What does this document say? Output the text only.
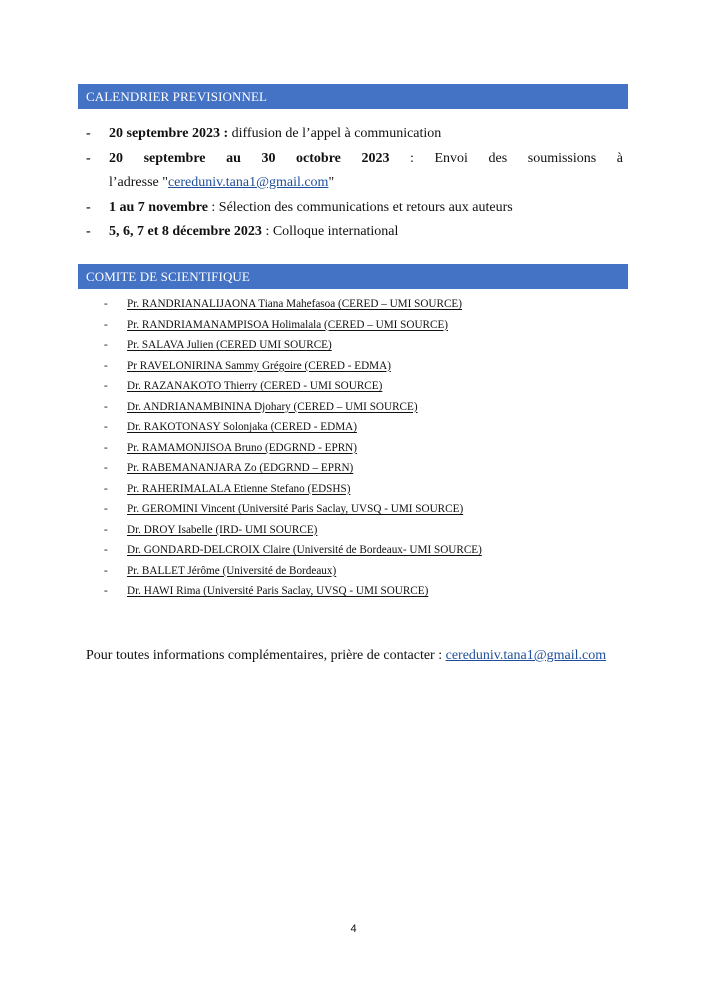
CALENDRIER PREVISIONNEL
- 20 septembre 2023 : diffusion de l’appel à communication
- 20 septembre au 30 octobre 2023 : Envoi des soumissions à
l’adresse "cereduniv.tana1@gmail.com"
- 1 au 7 novembre : Sélection des communications et retours aux auteurs
- 5, 6, 7 et 8 décembre 2023 : Colloque international
COMITE DE SCIENTIFIQUE
- Pr. RANDRIANALIJAONA Tiana Mahefasoa (CERED – UMI SOURCE)
- Pr. RANDRIAMANAMPISOA Holimalala (CERED – UMI SOURCE)
- Pr. SALAVA Julien (CERED UMI SOURCE)
- Pr RAVELONIRINA Sammy Grégoire (CERED - EDMA)
- Dr. RAZANAKOTO Thierry (CERED - UMI SOURCE)
- Dr. ANDRIANAMBININA Djohary (CERED – UMI SOURCE)
- Dr. RAKOTONASY Solonjaka (CERED - EDMA)
- Pr. RAMAMONJISOA Bruno (EDGRND - EPRN)
- Pr. RABEMANANJARA Zo (EDGRND – EPRN)
- Pr. RAHERIMALALA Etienne Stefano (EDSHS)
- Pr. GEROMINI Vincent (Université Paris Saclay, UVSQ - UMI SOURCE)
- Dr. DROY Isabelle (IRD- UMI SOURCE)
- Dr. GONDARD-DELCROIX Claire (Université de Bordeaux- UMI SOURCE)
- Pr. BALLET Jérôme (Université de Bordeaux)
- Dr. HAWI Rima (Université Paris Saclay, UVSQ - UMI SOURCE)
Pour toutes informations complémentaires, prière de contacter : cereduniv.tana1@gmail.com
4
